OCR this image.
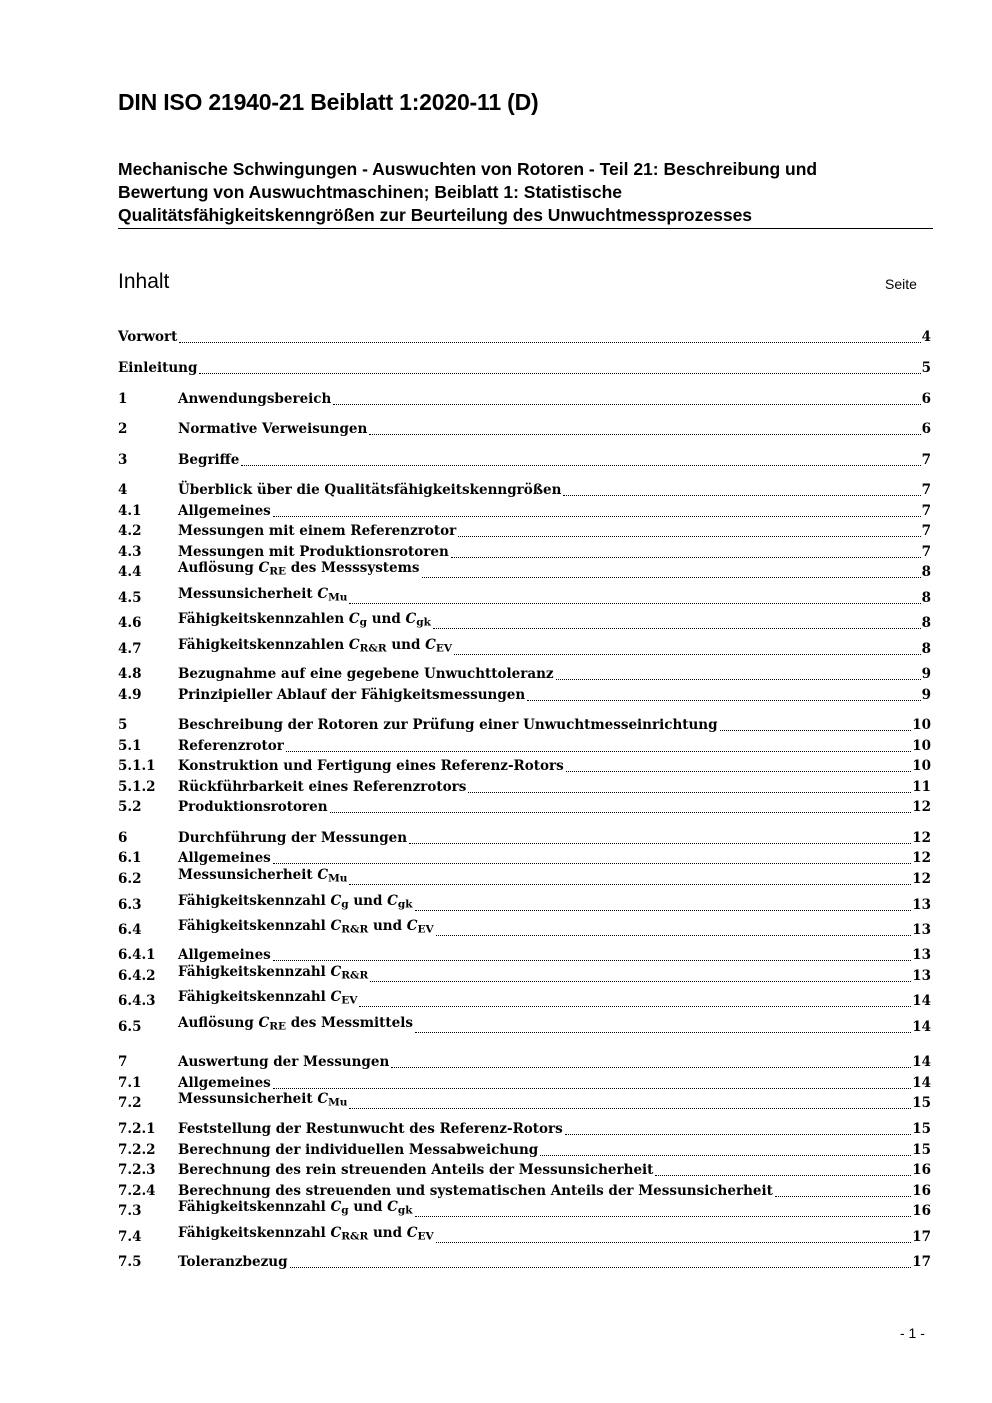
DIN ISO 21940-21 Beiblatt 1:2020-11 (D)
Mechanische Schwingungen - Auswuchten von Rotoren - Teil 21: Beschreibung und
Bewertung von Auswuchtmaschinen; Beiblatt 1: Statistische
Qualitätsfähigkeitskenngrößen zur Beurteilung des Unwuchtmessprozesses
Inhalt	Seite
Vorwort	4
Einleitung	5
1	Anwendungsbereich	6
2	Normative Verweisungen	6
3	Begriffe	7
4	Überblick über die Qualitätsfähigkeitskenngrößen	7
4.1	Allgemeines	7
4.2	Messungen mit einem Referenzrotor	7
4.3	Messungen mit Produktionsrotoren	7
4.4	Auflösung $C_{RE}$ des Messsystems	8
4.5	Messunsicherheit $C_{Mu}$	8
4.6	Fähigkeitskennzahlen $C_g$ und $C_{gk}$	8
4.7	Fähigkeitskennzahlen $C_{R\&R}$ und $C_{EV}$	8
4.8	Bezugnahme auf eine gegebene Unwuchttoleranz	9
4.9	Prinzipieller Ablauf der Fähigkeitsmessungen	9
5	Beschreibung der Rotoren zur Prüfung einer Unwuchtmesseinrichtung	10
5.1	Referenzrotor	10
5.1.1	Konstruktion und Fertigung eines Referenz-Rotors	10
5.1.2	Rückführbarkeit eines Referenzrotors	11
5.2	Produktionsrotoren	12
6	Durchführung der Messungen	12
6.1	Allgemeines	12
6.2	Messunsicherheit $C_{Mu}$	12
6.3	Fähigkeitskennzahl $C_g$ und $C_{gk}$	13
6.4	Fähigkeitskennzahl $C_{R\&R}$ und $C_{EV}$	13
6.4.1	Allgemeines	13
6.4.2	Fähigkeitskennzahl $C_{R\&R}$	13
6.4.3	Fähigkeitskennzahl $C_{EV}$	14
6.5	Auflösung $C_{RE}$ des Messmittels	14
7	Auswertung der Messungen	14
7.1	Allgemeines	14
7.2	Messunsicherheit $C_{Mu}$	15
7.2.1	Feststellung der Restunwucht des Referenz-Rotors	15
7.2.2	Berechnung der individuellen Messabweichung	15
7.2.3	Berechnung des rein streuenden Anteils der Messunsicherheit	16
7.2.4	Berechnung des streuenden und systematischen Anteils der Messunsicherheit	16
7.3	Fähigkeitskennzahl $C_g$ und $C_{gk}$	16
7.4	Fähigkeitskennzahl $C_{R\&R}$ und $C_{EV}$	17
7.5	Toleranzbezug	17
- 1 -
